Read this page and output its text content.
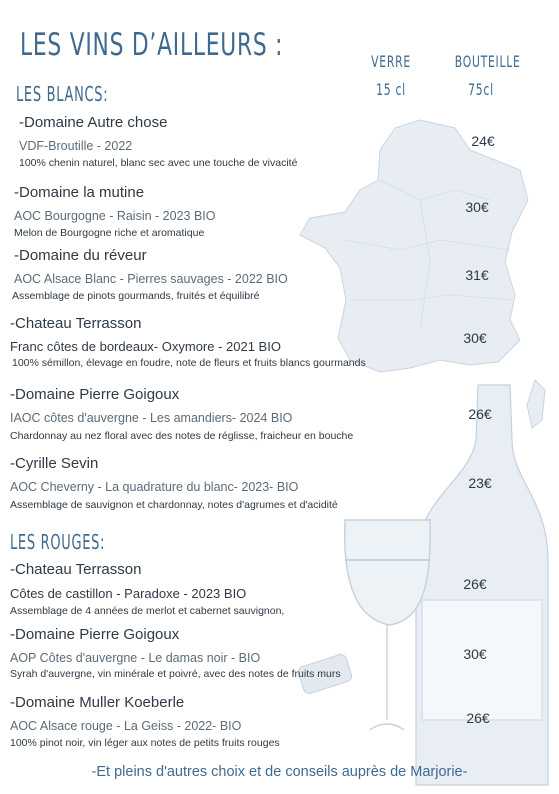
LES VINS D’AILLEURS :	VERRE
15 cl
BOUTEILLE
75cl
LES BLANCS:
-Domaine Autre chose
VDF-Broutille - 2022
100% chenin naturel, blanc sec avec une touche de vivacité
24€
-Domaine la mutine
AOC Bourgogne - Raisin - 2023 BIO
Melon de Bourgogne riche et aromatique
30€
-Domaine du réveur
AOC Alsace Blanc - Pierres sauvages - 2022 BIO
Assemblage de pinots gourmands, fruités et équilibré
31€
-Chateau Terrasson
Franc côtes de bordeaux- Oxymore - 2021 BIO
100% sémillon, élevage en foudre, note de fleurs et fruits blancs gourmands
30€
-Domaine Pierre Goigoux
IAOC côtes d'auvergne - Les amandiers- 2024 BIO
Chardonnay au nez floral avec des notes de réglisse, fraicheur en bouche
26€
-Cyrille Sevin
AOC Cheverny - La quadrature du blanc- 2023- BIO
Assemblage de sauvignon et chardonnay, notes d'agrumes et d'acidité
23€
LES ROUGES:
-Chateau Terrasson
Côtes de castillon - Paradoxe - 2023 BIO
Assemblage de 4 années de merlot et cabernet sauvignon,
26€
-Domaine Pierre Goigoux
AOP Côtes d'auvergne - Le damas noir - BIO
Syrah d'auvergne, vin minérale et poivré, avec des notes de fruits murs
30€
-Domaine Muller Koeberle
AOC Alsace rouge - La Geiss - 2022- BIO
100% pinot noir, vin léger aux notes de petits fruits rouges
26€
-Et pleins d'autres choix et de conseils auprès de Marjorie-
